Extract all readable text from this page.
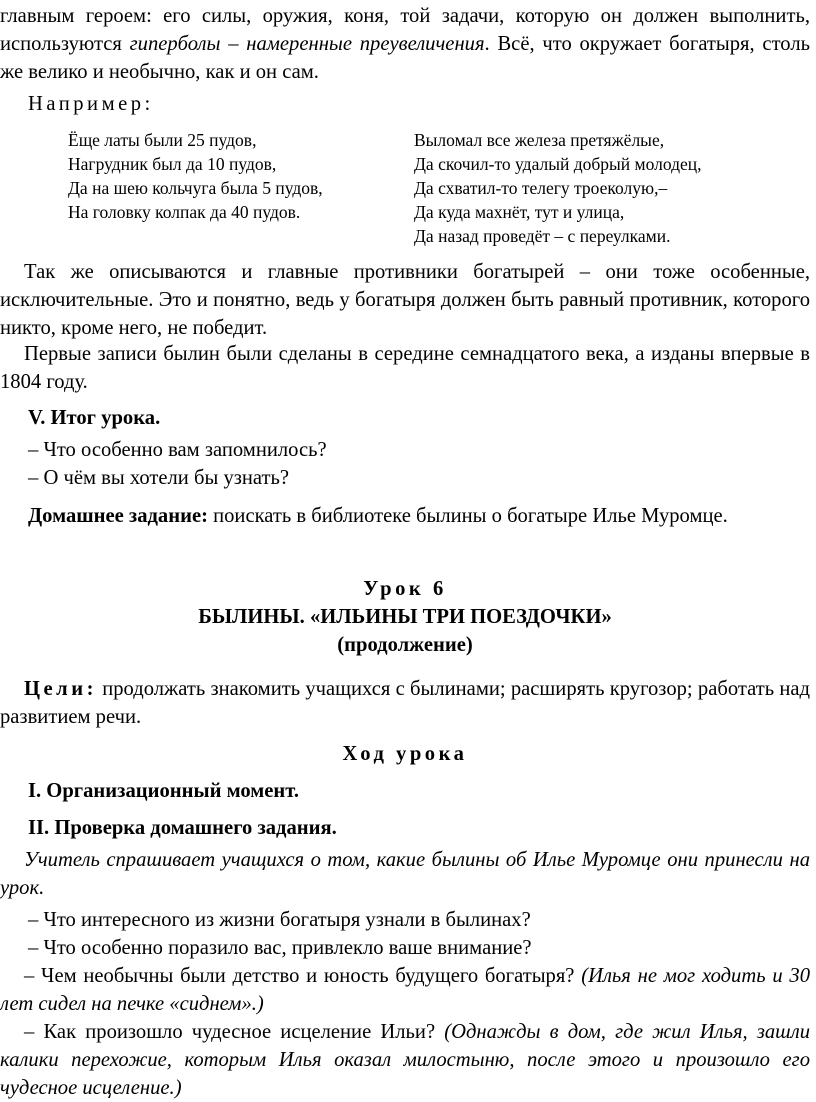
главным героем: его силы, оружия, коня, той задачи, которую он должен выполнить, используются гиперболы – намеренные преувеличения. Всё, что окружает богатыря, столь же велико и необычно, как и он сам.

Например:

Ёще латы были 25 пудов,
Нагрудник был да 10 пудов,
Да на шею кольчуга была 5 пудов,
На головку колпак да 40 пудов.
Выломал все железа претяжёлые,
Да скочил-то удалый добрый молодец,
Да схватил-то телегу троеколую,–
Да куда махнёт, тут и улица,
Да назад проведёт – с переулками.

Так же описываются и главные противники богатырей – они тоже особенные, исключительные. Это и понятно, ведь у богатыря должен быть равный противник, которого никто, кроме него, не победит.

Первые записи былин были сделаны в середине семнадцатого века, а изданы впервые в 1804 году.

V. Итог урока.

– Что особенно вам запомнилось?

– О чём вы хотели бы узнать?

Домашнее задание: поискать в библиотеке былины о богатыре Илье Муромце.

Урок 6
БЫЛИНЫ. «ИЛЬИНЫ ТРИ ПОЕЗДОЧКИ»
(продолжение)

Цели: продолжать знакомить учащихся с былинами; расширять кругозор; работать над развитием речи.

Ход урока

I. Организационный момент.

II. Проверка домашнего задания.

Учитель спрашивает учащихся о том, какие былины об Илье Муромце они принесли на урок.

– Что интересного из жизни богатыря узнали в былинах?

– Что особенно поразило вас, привлекло ваше внимание?

– Чем необычны были детство и юность будущего богатыря? (Илья не мог ходить и 30 лет сидел на печке «сиднем».)

– Как произошло чудесное исцеление Ильи? (Однажды в дом, где жил Илья, зашли калики перехожие, которым Илья оказал милостыню, после этого и произошло его чудесное исцеление.)
